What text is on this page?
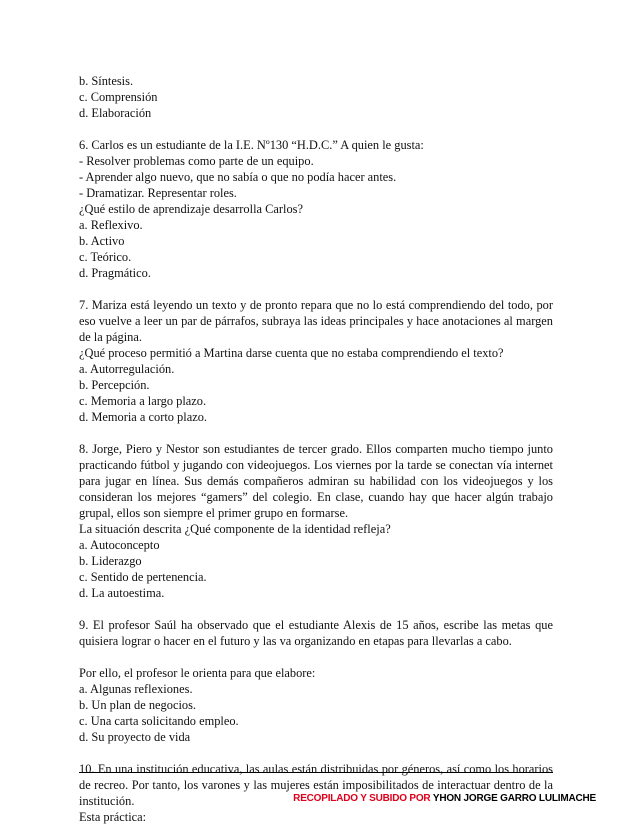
b. Síntesis.
c. Comprensión
d. Elaboración
6. Carlos es un estudiante de la I.E. Nº130 “H.D.C.” A quien le gusta:
- Resolver problemas como parte de un equipo.
- Aprender algo nuevo, que no sabía o que no podía hacer antes.
- Dramatizar. Representar roles.
¿Qué estilo de aprendizaje desarrolla Carlos?
a. Reflexivo.
b. Activo
c. Teórico.
d. Pragmático.
7. Mariza está leyendo un texto y de pronto repara que no lo está comprendiendo del todo, por eso vuelve a leer un par de párrafos, subraya las ideas principales y hace anotaciones al margen de la página.
¿Qué proceso permitió a Martina darse cuenta que no estaba comprendiendo el texto?
a. Autorregulación.
b. Percepción.
c. Memoria a largo plazo.
d. Memoria a corto plazo.
8. Jorge, Piero y Nestor son estudiantes de tercer grado. Ellos comparten mucho tiempo junto practicando fútbol y jugando con videojuegos. Los viernes por la tarde se conectan vía internet para jugar en línea. Sus demás compañeros admiran su habilidad con los videojuegos y los consideran los mejores “gamers” del colegio. En clase, cuando hay que hacer algún trabajo grupal, ellos son siempre el primer grupo en formarse.
La situación descrita ¿Qué componente de la identidad refleja?
a. Autoconcepto
b. Liderazgo
c. Sentido de pertenencia.
d. La autoestima.
9. El profesor Saúl ha observado que el estudiante Alexis de 15 años, escribe las metas que quisiera lograr o hacer en el futuro y las va organizando en etapas para llevarlas a cabo.
Por ello, el profesor le orienta para que elabore:
a. Algunas reflexiones.
b. Un plan de negocios.
c. Una carta solicitando empleo.
d. Su proyecto de vida
10. En una institución educativa, las aulas están distribuidas por géneros, así como los horarios de recreo. Por tanto, los varones y las mujeres están imposibilitados de interactuar dentro de la institución.
Esta práctica:
RECOPILADO Y SUBIDO POR YHON JORGE GARRO LULIMACHE
